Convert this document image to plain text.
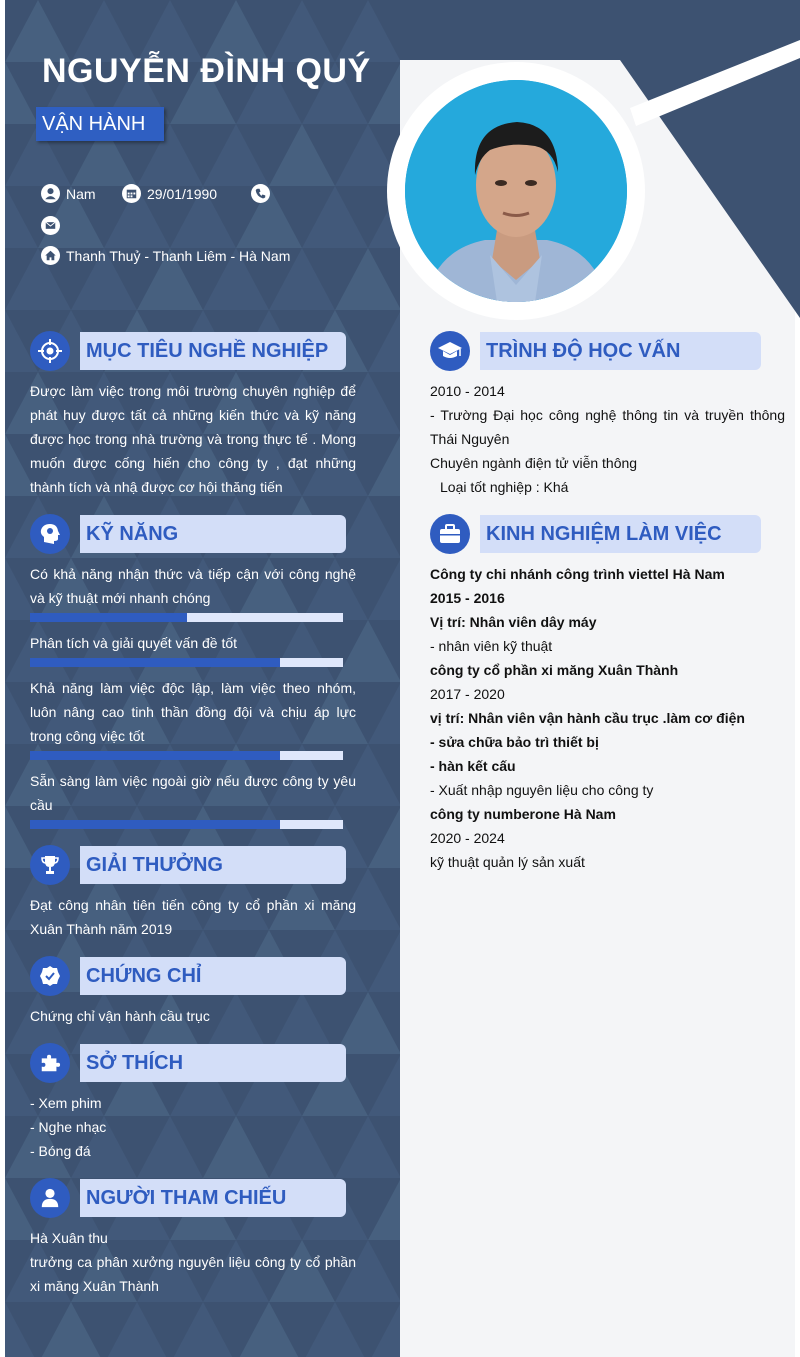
NGUYỄN ĐÌNH QUÝ
VẬN HÀNH
Nam	29/01/1990
Thanh Thuỷ - Thanh Liêm - Hà Nam
MỤC TIÊU NGHỀ NGHIỆP
Được làm việc trong môi trường chuyên nghiệp để phát huy được tất cả những kiến thức và kỹ năng được học trong nhà trường và trong thực tế . Mong muốn được cống hiến cho công ty , đạt những thành tích và nhậ được cơ hội thăng tiến
KỸ NĂNG
Có khả năng nhận thức và tiếp cận với công nghệ và kỹ thuật mới nhanh chóng
Phân tích và giải quyết vấn đề tốt
Khả năng làm việc độc lập, làm việc theo nhóm, luôn nâng cao tinh thần đồng đội và chịu áp lực trong công việc tốt
Sẵn sàng làm việc ngoài giờ nếu được công ty yêu cầu
GIẢI THƯỞNG
Đạt công nhân tiên tiến công ty cổ phần xi măng Xuân Thành năm 2019
CHỨNG CHỈ
Chứng chỉ vận hành cầu trục
SỞ THÍCH
- Xem phim
- Nghe nhạc
- Bóng đá
NGƯỜI THAM CHIẾU
Hà Xuân thu
trưởng ca phân xưởng nguyên liệu công ty cổ phần xi măng Xuân Thành
TRÌNH ĐỘ HỌC VẤN
2010 - 2014
- Trường Đại học công nghệ thông tin và truyền thông Thái Nguyên
Chuyên ngành điện tử viễn thông
Loại tốt nghiệp : Khá
KINH NGHIỆM LÀM VIỆC
Công ty chi nhánh công trình viettel Hà Nam
2015 - 2016
Vị trí: Nhân viên dây máy
- nhân viên kỹ thuật
công ty cổ phần xi măng Xuân Thành
2017 - 2020
vị trí: Nhân viên vận hành cầu trục .làm cơ điện
- sửa chữa bảo trì thiết bị
- hàn kết cấu
- Xuất nhập nguyên liệu cho công ty
công ty numberone Hà Nam
2020 - 2024
kỹ thuật quản lý sản xuất
